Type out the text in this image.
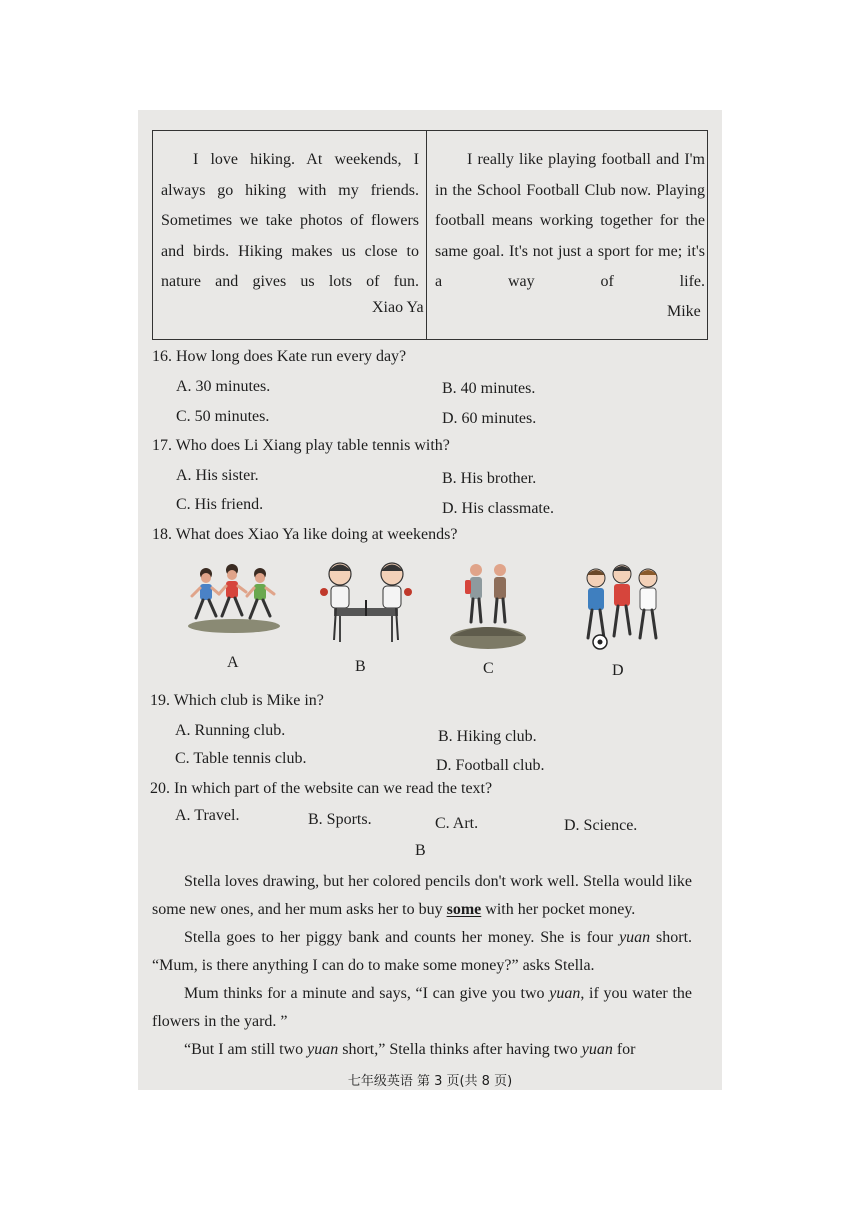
I love hiking. At weekends, I always go hiking with my friends. Sometimes we take photos of flowers and birds. Hiking makes us close to nature and gives us lots of fun.

Xiao Ya

I really like playing football and I'm in the School Football Club now. Playing football means working together for the same goal. It's not just a sport for me; it's a way of life.

Mike
16. How long does Kate run every day?
A. 30 minutes.	B. 40 minutes.
C. 50 minutes.	D. 60 minutes.
17. Who does Li Xiang play table tennis with?
A. His sister.	B. His brother.
C. His friend.	D. His classmate.
18. What does Xiao Ya like doing at weekends?
A	B	C	D
19. Which club is Mike in?
A. Running club.	B. Hiking club.
C. Table tennis club.	D. Football club.
20. In which part of the website can we read the text?
A. Travel.	B. Sports.	C. Art.	D. Science.
B

Stella loves drawing, but her colored pencils don't work well. Stella would like some new ones, and her mum asks her to buy some with her pocket money.

Stella goes to her piggy bank and counts her money. She is four yuan short. “Mum, is there anything I can do to make some money?” asks Stella.

Mum thinks for a minute and says, “I can give you two yuan, if you water the flowers in the yard. ”

“But I am still two yuan short,” Stella thinks after having two yuan for

七年级英语 第 3 页(共 8 页)
